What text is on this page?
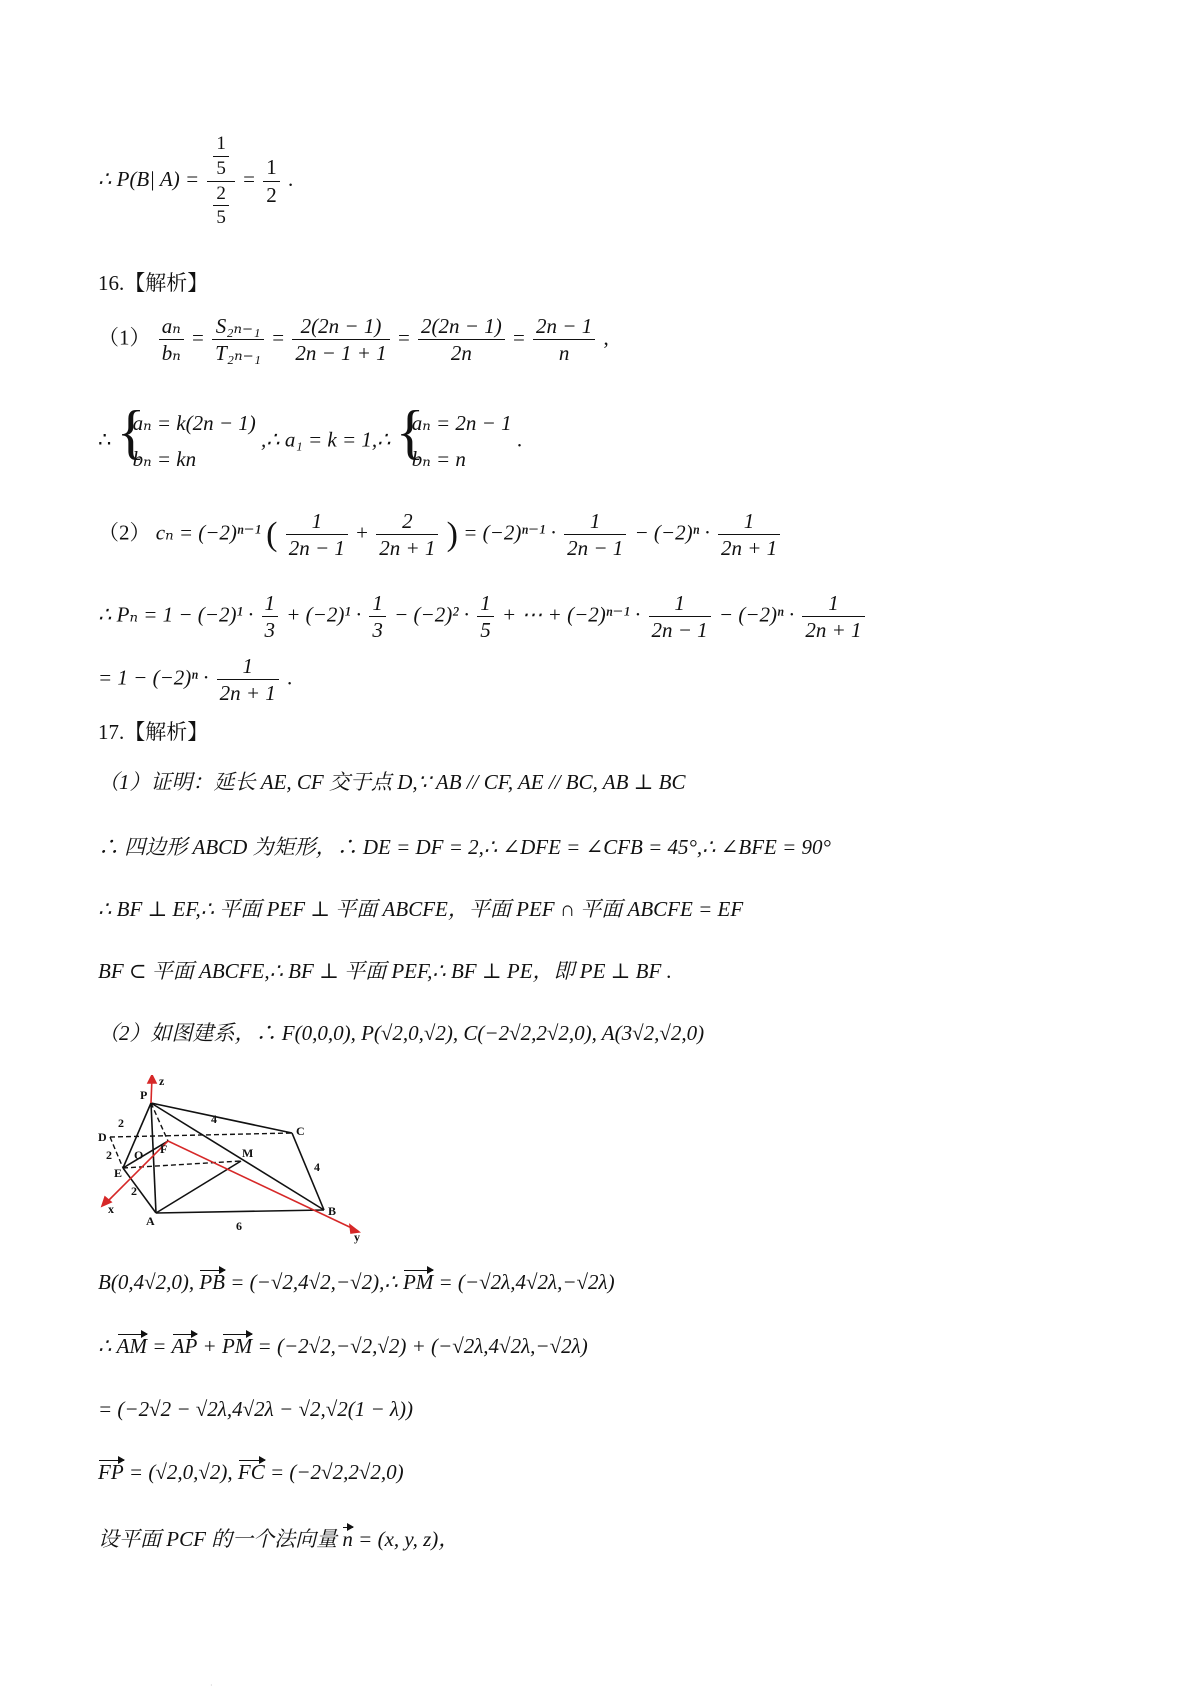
∴ P(B| $A) = \frac{\frac{1}{5}}{\frac{2}{5}} = \frac{1}{2}$ .
16.【解析】
$(1) \frac{\text{aₙ}}{\text{bₙ}} = \frac{\text{S₂ₙ₋₁}}{\text{T₂ₙ₋₁}} = \frac{2(2n - 1)}{2n - 1 + 1} = \frac{2(2n - 1)}{2n} = \frac{2n - 1}{n}$ ,
∴ {
aₙ = k(2n − 1)
bₙ = kn
,∴ a₁ = k = 1,∴ {
aₙ = 2n − 1
bₙ = n
.
（2） cₙ = (−2)ⁿ⁻¹ ( $\frac{1}{2n - 1} + \frac{2}{2n + 1}$ ) = $(-2)^{n-1} \cdot \frac{1}{2n - 1} - (-2)^n \cdot \frac{1}{2n + 1}$
∴ $P_n = 1 - (-2)^1 \cdot \frac{1}{3} + (-2)^1 \cdot \frac{1}{3} - (-2)^2 \cdot \frac{1}{5}$ + ⋯ + $(-2)^{n-1} \cdot \frac{1}{2n - 1} - (-2)^n \cdot \frac{1}{2n + 1}$
= $1 - (-2)^n \cdot \frac{1}{2n + 1}$ .
17.【解析】
（1）证明：延长 AE, CF 交于点 D,∵ AB // CF, AE // BC, AB ⊥ BC
∴ 四边形 ABCD 为矩形，∴ DE = DF = 2,∴ ∠DFE = ∠CFB = 45°,∴ ∠BFE = 90°
∴ BF ⊥ EF,∴ 平面 PEF ⊥ 平面 ABCFE，平面 PEF ∩ 平面 ABCFE = EF
BF ⊂ 平面 ABCFE,∴ BF ⊥ 平面 PEF,∴ BF ⊥ PE，即 PE ⊥ BF .
（2）如图建系，∴ F(0,0,0), P(√2,0,√2), C(−2√2,2√2,0), A(3√2,√2,0)
P
z
D
F
O
E
x
A
B
C
M
y
2
2
2
4
4
6
B(0,4√2,0), PB = (−√2,4√2,−√2),∴ PM = (−√2λ,4√2λ,−√2λ)
∴ AM = AP + PM = (−2√2,−√2,√2) + (−√2λ,4√2λ,−√2λ)
= (−2√2 − √2λ,4√2λ − √2,√2(1 − λ))
FP = (√2,0,√2), FC = (−2√2,2√2,0)
设平面 PCF 的一个法向量 n = (x, y, z)，
·
